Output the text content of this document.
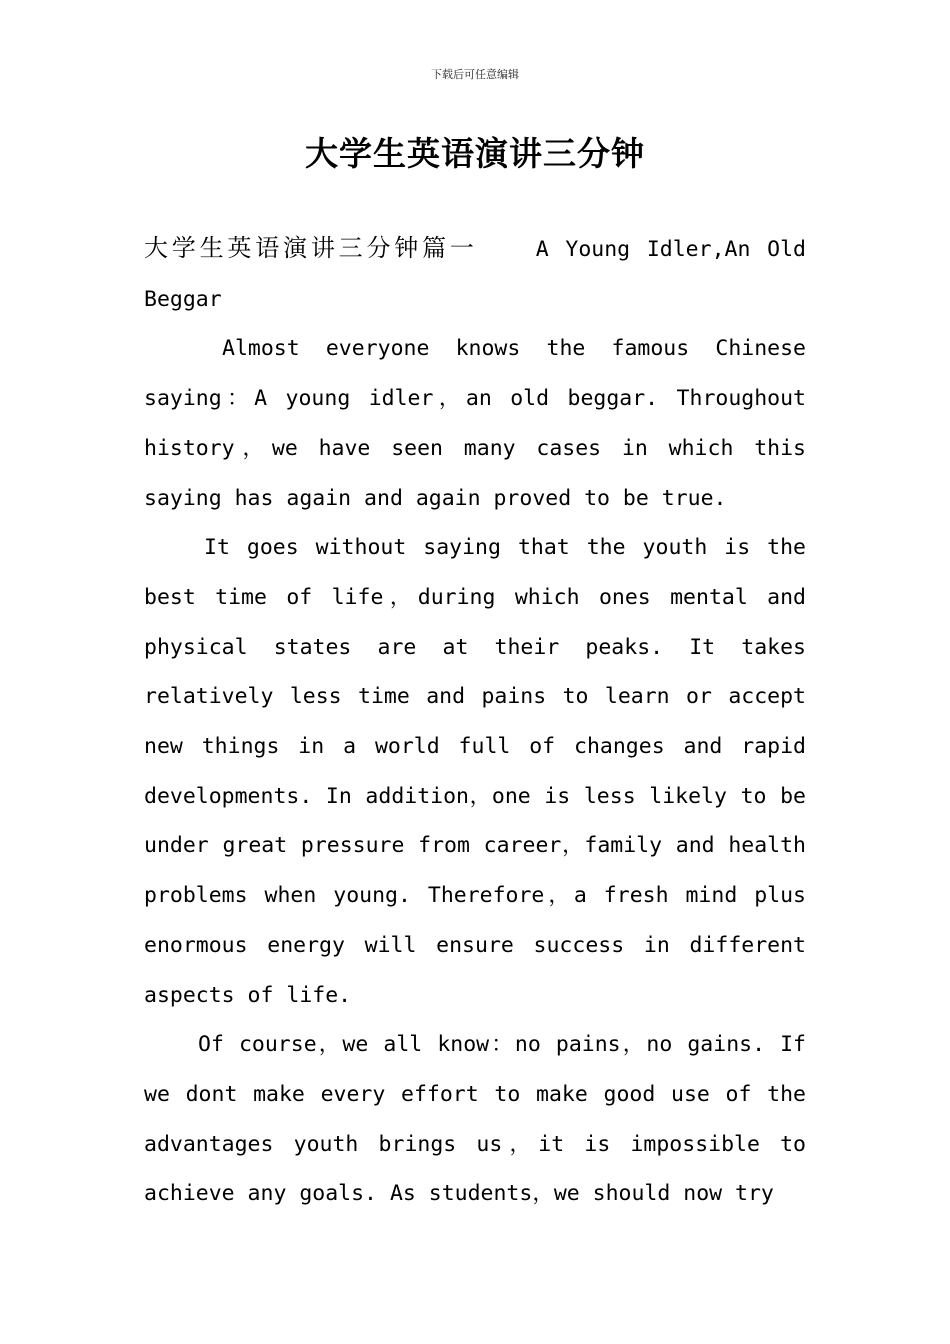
下载后可任意编辑
大学生英语演讲三分钟

大学生英语演讲三分钟篇一	A Young Idler,An Old Beggar

Almost everyone knows the famous Chinese saying：A young idler，an old beggar. Throughout history，we have seen many cases in which this saying has again and again proved to be true.

It goes without saying that the youth is the best time of life，during which ones mental and physical states are at their peaks. It takes relatively less time and pains to learn or accept new things in a world full of changes and rapid developments. In addition，one is less likely to be under great pressure from career，family and health problems when young. Therefore，a fresh mind plus enormous energy will ensure success in different aspects of life.

Of course，we all know：no pains，no gains. If we dont make every effort to make good use of the advantages youth brings us，it is impossible to achieve any goals. As students，we should now try
